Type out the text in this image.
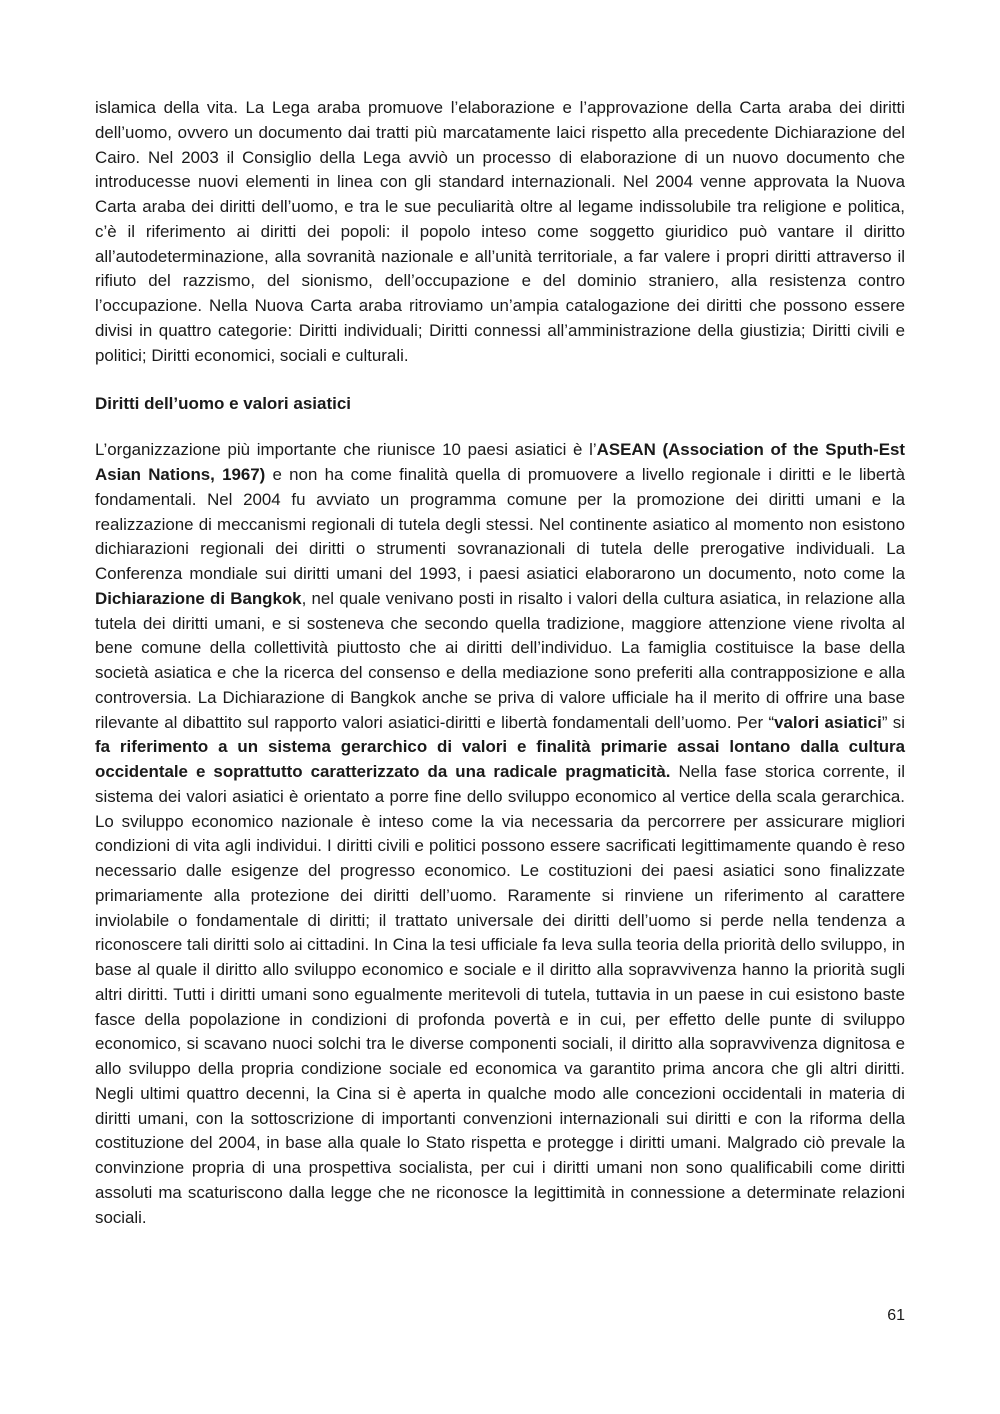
islamica della vita. La Lega araba promuove l’elaborazione e l’approvazione della Carta araba dei diritti dell’uomo, ovvero un documento dai tratti più marcatamente laici rispetto alla precedente Dichiarazione del Cairo. Nel 2003 il Consiglio della Lega avviò un processo di elaborazione di un nuovo documento che introducesse nuovi elementi in linea con gli standard internazionali. Nel 2004 venne approvata la Nuova Carta araba dei diritti dell’uomo, e tra le sue peculiarità oltre al legame indissolubile tra religione e politica, c’è il riferimento ai diritti dei popoli: il popolo inteso come soggetto giuridico può vantare il diritto all’autodeterminazione, alla sovranità nazionale e all’unità territoriale, a far valere i propri diritti attraverso il rifiuto del razzismo, del sionismo, dell’occupazione e del dominio straniero, alla resistenza contro l’occupazione. Nella Nuova Carta araba ritroviamo un’ampia catalogazione dei diritti che possono essere divisi in quattro categorie: Diritti individuali; Diritti connessi all’amministrazione della giustizia; Diritti civili e politici; Diritti economici, sociali e culturali.

Diritti dell’uomo e valori asiatici

L’organizzazione più importante che riunisce 10 paesi asiatici è l’ASEAN (Association of the Sputh-Est Asian Nations, 1967) e non ha come finalità quella di promuovere a livello regionale i diritti e le libertà fondamentali. Nel 2004 fu avviato un programma comune per la promozione dei diritti umani e la realizzazione di meccanismi regionali di tutela degli stessi. Nel continente asiatico al momento non esistono dichiarazioni regionali dei diritti o strumenti sovranazionali di tutela delle prerogative individuali. La Conferenza mondiale sui diritti umani del 1993, i paesi asiatici elaborarono un documento, noto come la Dichiarazione di Bangkok, nel quale venivano posti in risalto i valori della cultura asiatica, in relazione alla tutela dei diritti umani, e si sosteneva che secondo quella tradizione, maggiore attenzione viene rivolta al bene comune della collettività piuttosto che ai diritti dell’individuo. La famiglia costituisce la base della società asiatica e che la ricerca del consenso e della mediazione sono preferiti alla contrapposizione e alla controversia. La Dichiarazione di Bangkok anche se priva di valore ufficiale ha il merito di offrire una base rilevante al dibattito sul rapporto valori asiatici-diritti e libertà fondamentali dell’uomo. Per “valori asiatici” si fa riferimento a un sistema gerarchico di valori e finalità primarie assai lontano dalla cultura occidentale e soprattutto caratterizzato da una radicale pragmaticità. Nella fase storica corrente, il sistema dei valori asiatici è orientato a porre fine dello sviluppo economico al vertice della scala gerarchica. Lo sviluppo economico nazionale è inteso come la via necessaria da percorrere per assicurare migliori condizioni di vita agli individui. I diritti civili e politici possono essere sacrificati legittimamente quando è reso necessario dalle esigenze del progresso economico. Le costituzioni dei paesi asiatici sono finalizzate primariamente alla protezione dei diritti dell’uomo. Raramente si rinviene un riferimento al carattere inviolabile o fondamentale di diritti; il trattato universale dei diritti dell’uomo si perde nella tendenza a riconoscere tali diritti solo ai cittadini. In Cina la tesi ufficiale fa leva sulla teoria della priorità dello sviluppo, in base al quale il diritto allo sviluppo economico e sociale e il diritto alla sopravvivenza hanno la priorità sugli altri diritti. Tutti i diritti umani sono egualmente meritevoli di tutela, tuttavia in un paese in cui esistono baste fasce della popolazione in condizioni di profonda povertà e in cui, per effetto delle punte di sviluppo economico, si scavano nuoci solchi tra le diverse componenti sociali, il diritto alla sopravvivenza dignitosa e allo sviluppo della propria condizione sociale ed economica va garantito prima ancora che gli altri diritti. Negli ultimi quattro decenni, la Cina si è aperta in qualche modo alle concezioni occidentali in materia di diritti umani, con la sottoscrizione di importanti convenzioni internazionali sui diritti e con la riforma della costituzione del 2004, in base alla quale lo Stato rispetta e protegge i diritti umani. Malgrado ciò prevale la convinzione propria di una prospettiva socialista, per cui i diritti umani non sono qualificabili come diritti assoluti ma scaturiscono dalla legge che ne riconosce la legittimità in connessione a determinate relazioni sociali.

61
